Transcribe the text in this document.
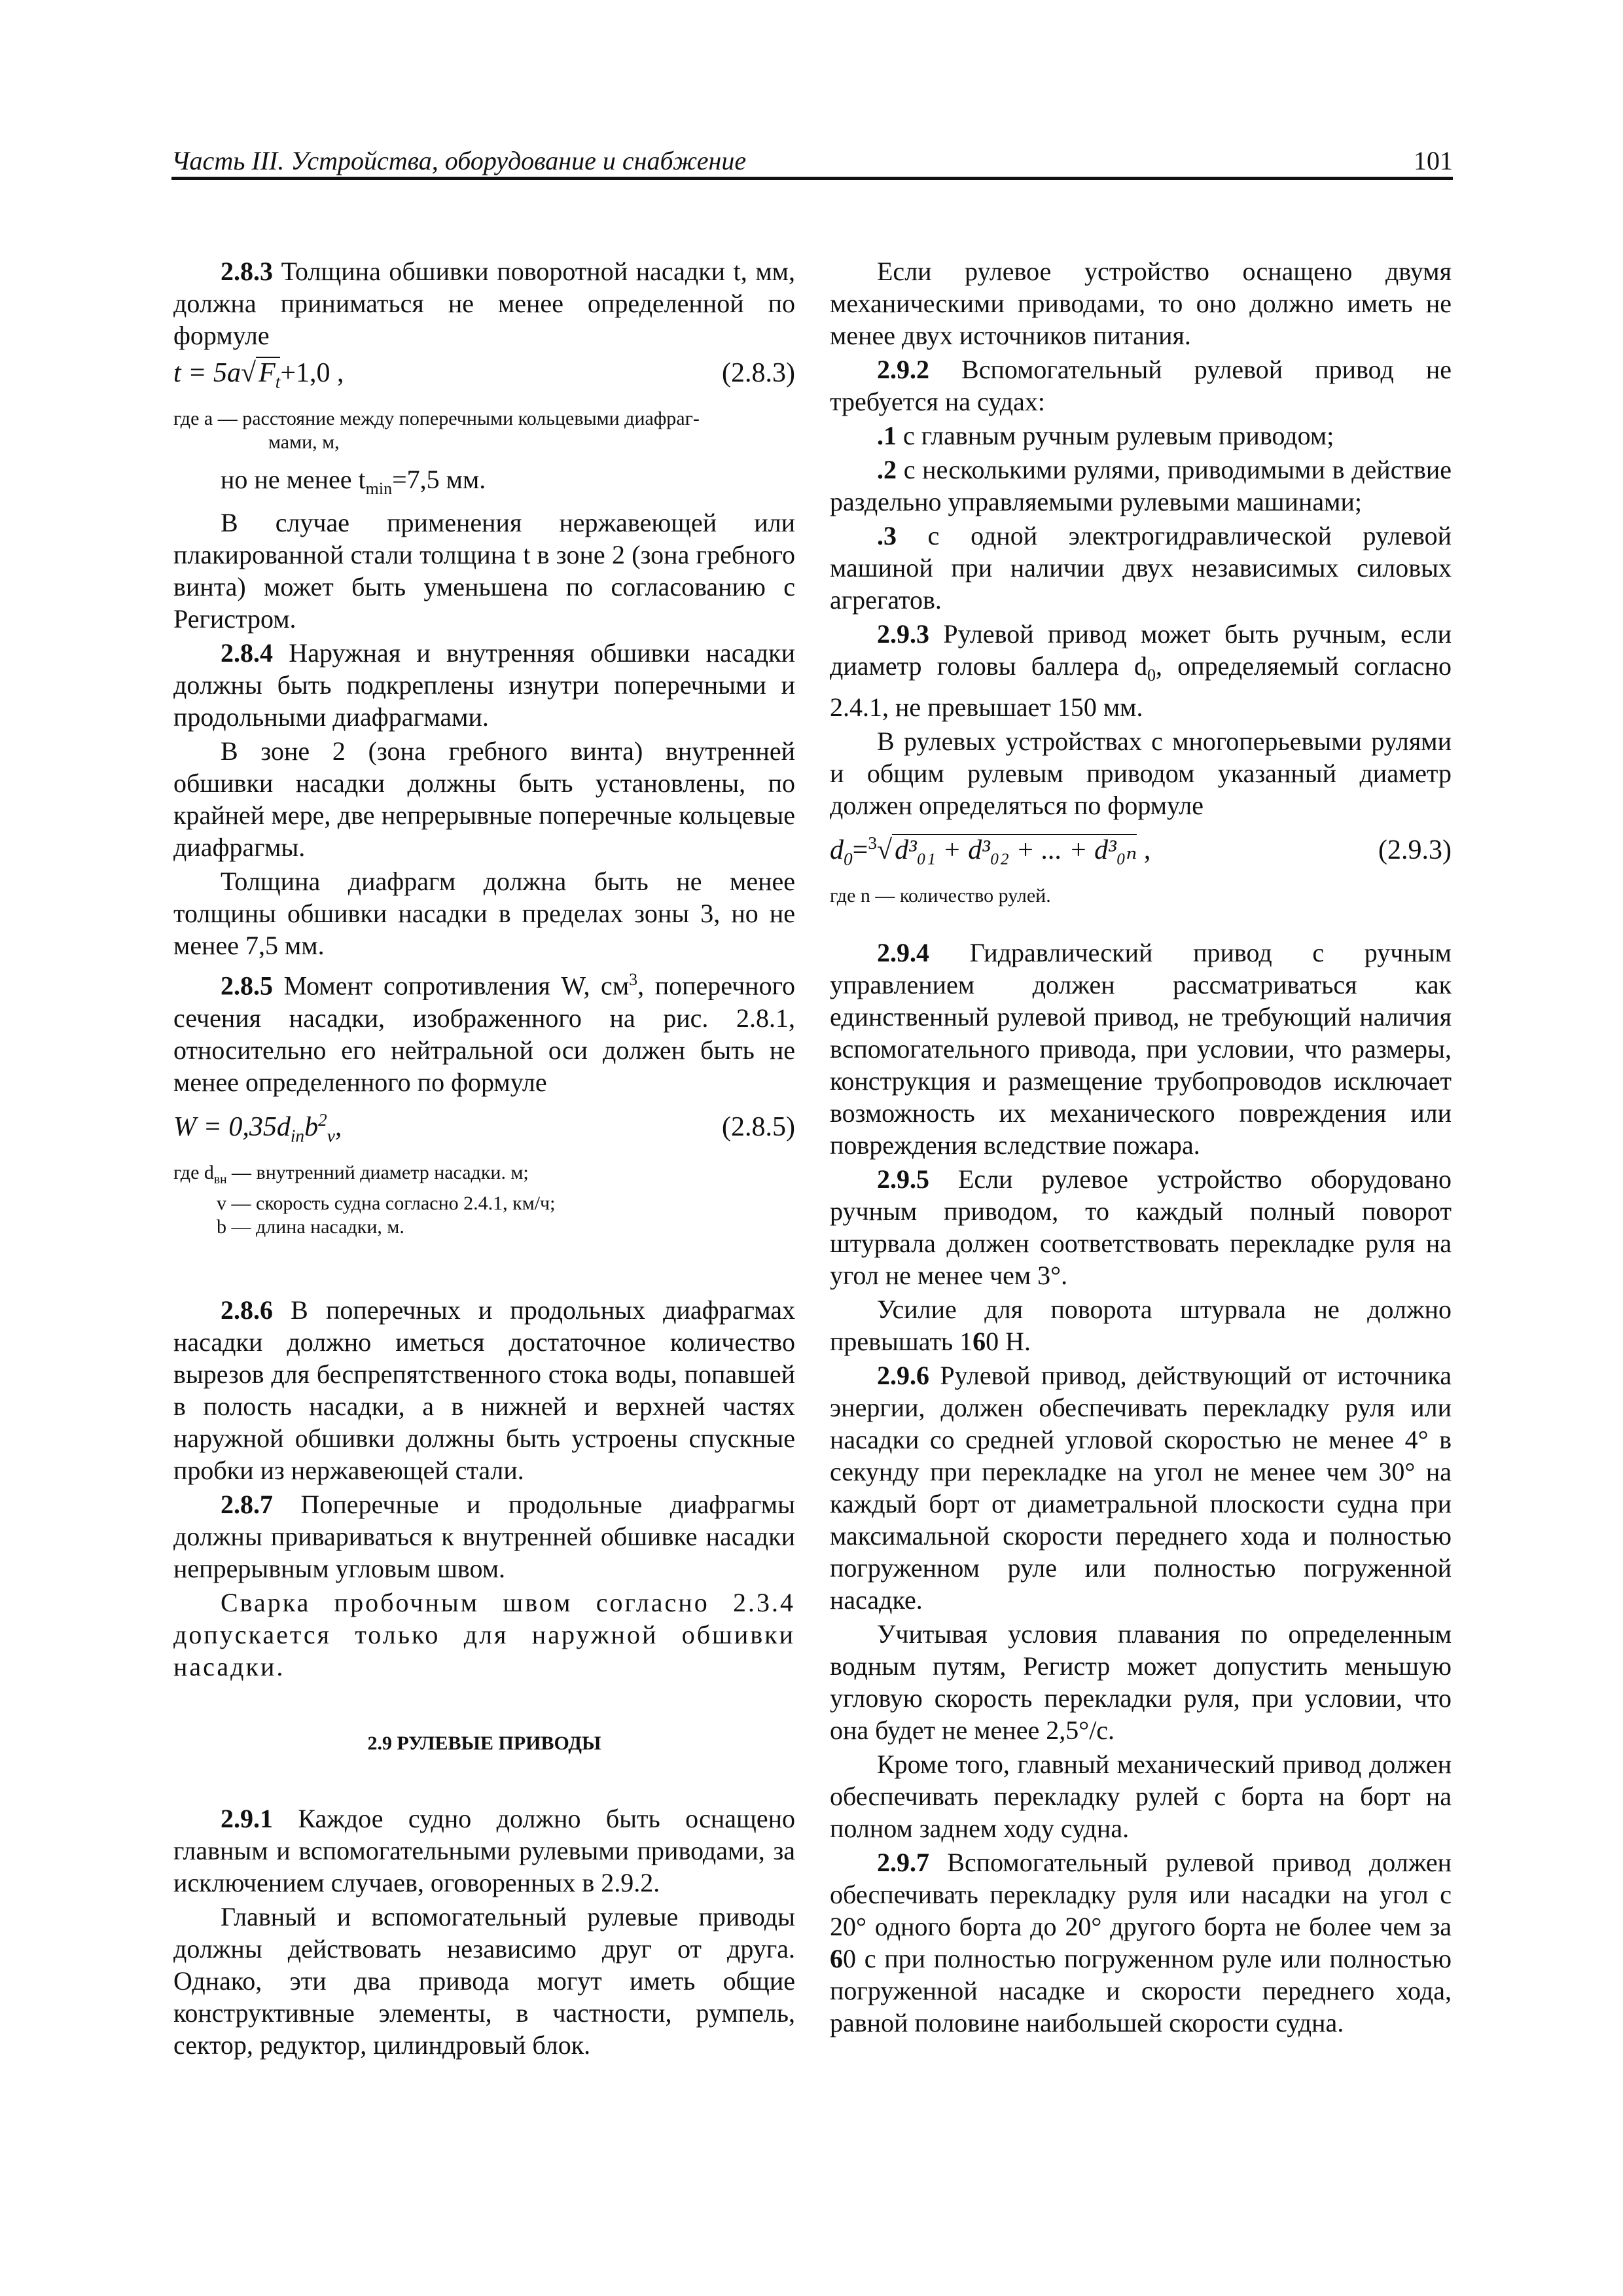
Часть III. Устройства, оборудование и снабжение	101

2.8.3 Толщина обшивки поворотной насадки t, мм, должна приниматься не менее определенной по формуле

$t = 5a√F_t+1,0$ ,	(2.8.3)
где a — расстояние между поперечными кольцевыми диафраг-
мами, м,

но не менее $t_{min}=7,5$ мм.

В случае применения нержавеющей или плакированной стали толщина t в зоне 2 (зона гребного винта) может быть уменьшена по согласованию с Регистром.

2.8.4 Наружная и внутренняя обшивки насадки должны быть подкреплены изнутри поперечными и продольными диафрагмами.

В зоне 2 (зона гребного винта) внутренней обшивки насадки должны быть установлены, по крайней мере, две непрерывные поперечные кольцевые диафрагмы.

Толщина диафрагм должна быть не менее толщины обшивки насадки в пределах зоны 3, но не менее 7,5 мм.

2.8.5 Момент сопротивления W, $см^3$, поперечного сечения насадки, изображенного на рис. 2.8.1, относительно его нейтральной оси должен быть не менее определенного по формуле

$W = 0,35d_{in}b^2_v$,	(2.8.5)
где $d_{вн}$ — внутренний диаметр насадки. м;
v — скорость судна согласно 2.4.1, км/ч;
b — длина насадки, м.

2.8.6 В поперечных и продольных диафрагмах насадки должно иметься достаточное количество вырезов для беспрепятственного стока воды, попавшей в полость насадки, а в нижней и верхней частях наружной обшивки должны быть устроены спускные пробки из нержавеющей стали.

2.8.7 Поперечные и продольные диафрагмы должны привариваться к внутренней обшивке насадки непрерывным угловым швом.

Сварка пробочным швом согласно 2.3.4 допускается только для наружной обшивки насадки.

2.9 РУЛЕВЫЕ ПРИВОДЫ

2.9.1 Каждое судно должно быть оснащено главным и вспомогательными рулевыми приводами, за исключением случаев, оговоренных в 2.9.2.

Главный и вспомогательный рулевые приводы должны действовать независимо друг от друга. Однако, эти два привода могут иметь общие конструктивные элементы, в частности, румпель, сектор, редуктор, цилиндровый блок.

Если рулевое устройство оснащено двумя механическими приводами, то оно должно иметь не менее двух источников питания.

2.9.2 Вспомогательный рулевой привод не требуется на судах:

.1 с главным ручным рулевым приводом;

.2 с несколькими рулями, приводимыми в действие раздельно управляемыми рулевыми машинами;

.3 с одной электрогидравлической рулевой машиной при наличии двух независимых силовых агрегатов.

2.9.3 Рулевой привод может быть ручным, если диаметр головы баллера $d_0$, определяемый согласно 2.4.1, не превышает 150 мм.

В рулевых устройствах с многоперьевыми рулями и общим рулевым приводом указанный диаметр должен определяться по формуле

$d_0=^3√d^3_{01} + d^3_{02}$ + ... + d³₀ₙ ,	(2.9.3)
где n — количество рулей.

2.9.4 Гидравлический привод с ручным управлением должен рассматриваться как единственный рулевой привод, не требующий наличия вспомогательного привода, при условии, что размеры, конструкция и размещение трубопроводов исключает возможность их механического повреждения или повреждения вследствие пожара.

2.9.5 Если рулевое устройство оборудовано ручным приводом, то каждый полный поворот штурвала должен соответствовать перекладке руля на угол не менее чем 3°.

Усилие для поворота штурвала не должно превышать 160 Н.

2.9.6 Рулевой привод, действующий от источника энергии, должен обеспечивать перекладку руля или насадки со средней угловой скоростью не менее 4° в секунду при перекладке на угол не менее чем 30° на каждый борт от диаметральной плоскости судна при максимальной скорости переднего хода и полностью погруженном руле или полностью погруженной насадке.

Учитывая условия плавания по определенным водным путям, Регистр может допустить меньшую угловую скорость перекладки руля, при условии, что она будет не менее 2,5°/с.

Кроме того, главный механический привод должен обеспечивать перекладку рулей с борта на борт на полном заднем ходу судна.

2.9.7 Вспомогательный рулевой привод должен обеспечивать перекладку руля или насадки на угол с 20° одного борта до 20° другого борта не более чем за 60 с при полностью погруженном руле или полностью погруженной насадке и скорости переднего хода, равной половине наибольшей скорости судна.
